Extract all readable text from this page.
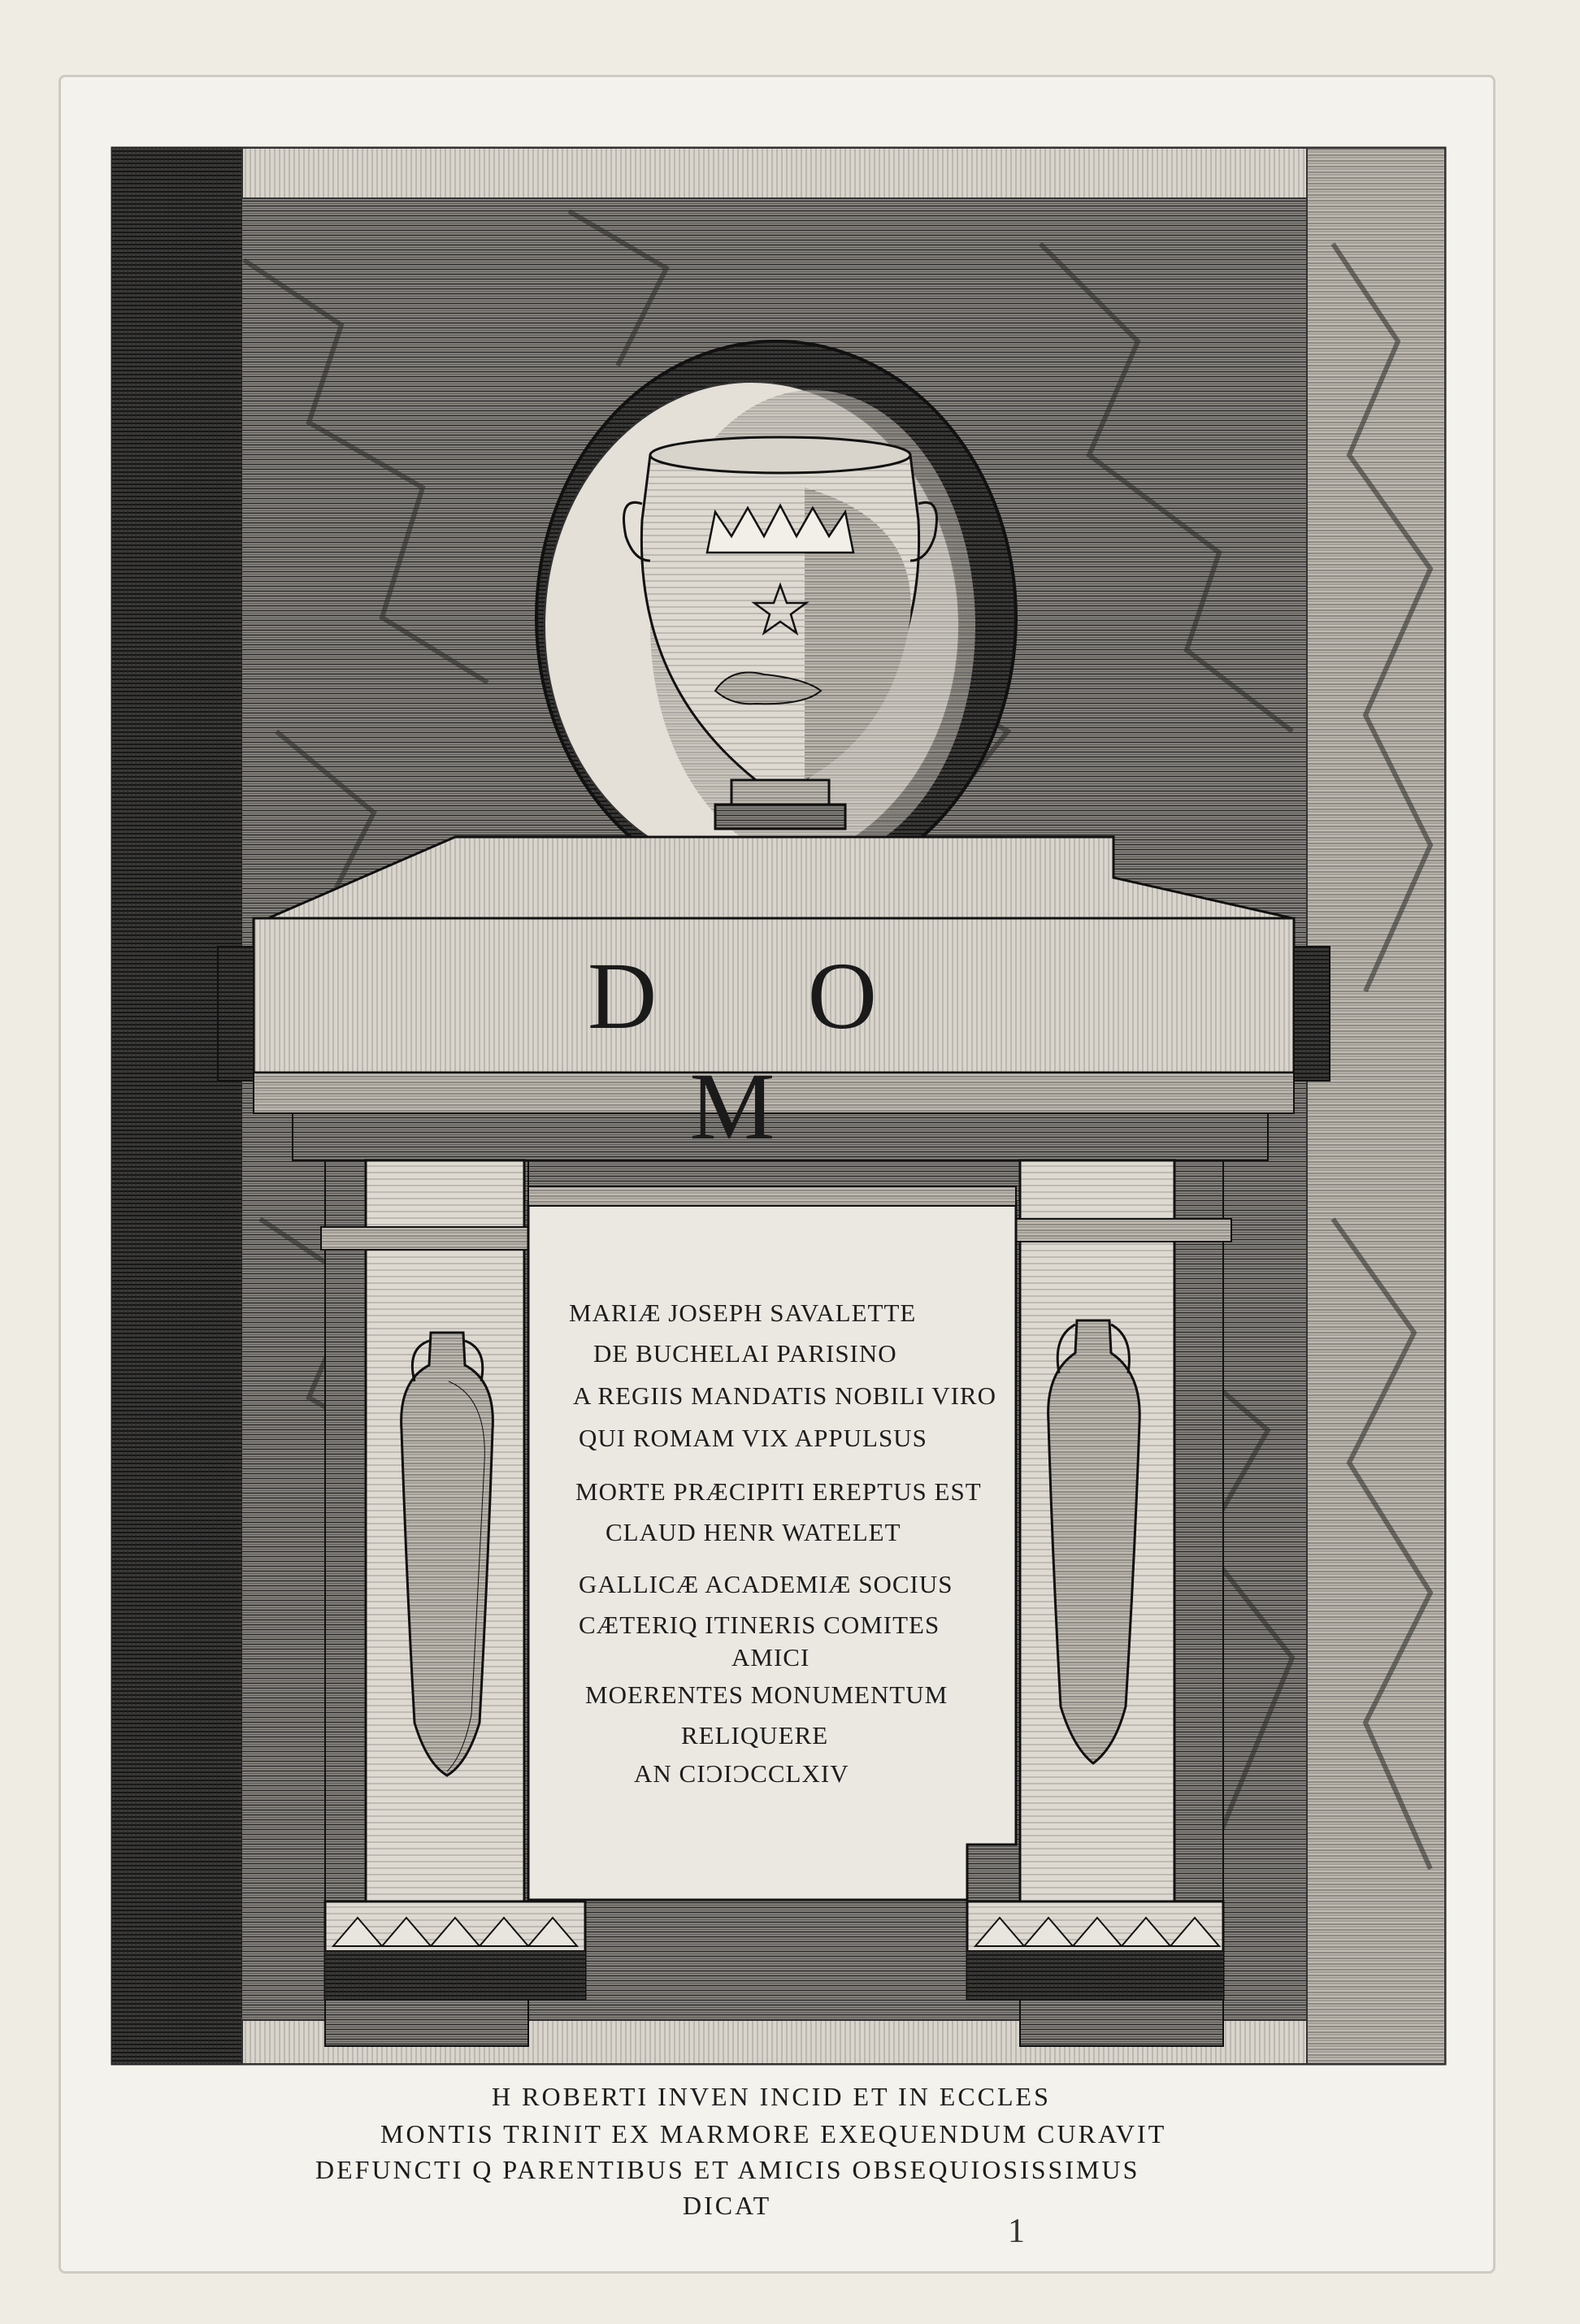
D O M
MARIÆ JOSEPH SAVALETTE
DE BUCHELAI PARISINO
A REGIIS MANDATIS NOBILI VIRO
QUI ROMAM VIX APPULSUS
MORTE PRÆCIPITI EREPTUS EST
CLAUD HENR WATELET
GALLICÆ ACADEMIÆ SOCIUS
CÆTERIQ ITINERIS COMITES
AMICI
MOERENTES MONUMENTUM
RELIQUERE
AN CIƆIƆCCLXIV
H ROBERTI INVEN INCID ET IN ECCLES
MONTIS TRINIT EX MARMORE EXEQUENDUM CURAVIT
DEFUNCTI Q PARENTIBUS ET AMICIS OBSEQUIOSISSIMUS
DICAT
1
